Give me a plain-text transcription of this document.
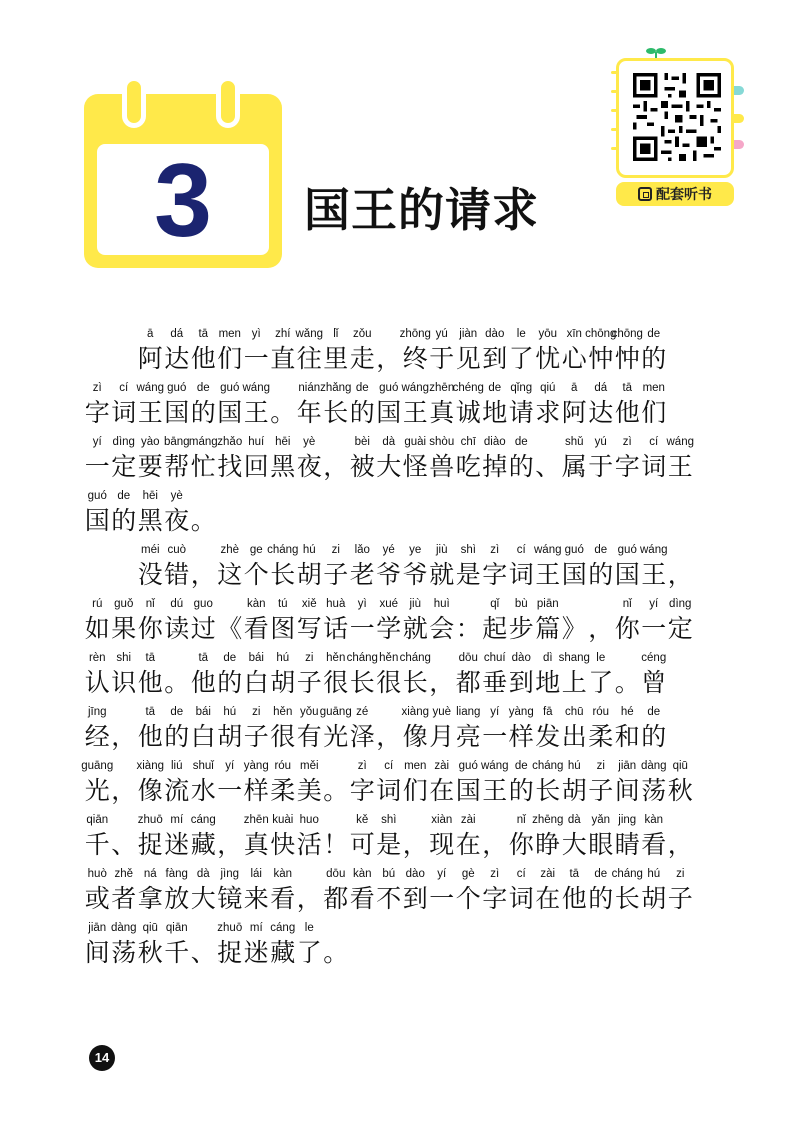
3	国王的请求	配套听书
ā
阿
dá
达
tā
他
men
们
yì
一
zhí
直
wǎng
往
lǐ
里
zǒu
走 ，
zhōng
终
yú
于
jiàn
见
dào
到
le
了
yōu
忧
xīn
心
chōng
忡
chōng
忡
de
的
zì
字
cí
词
wáng
王
guó
国
de
的
guó
国
wáng
王 。
nián
年
zhǎng
长
de
的
guó
国
wáng
王
zhēn
真
chéng
诚
de
地
qǐng
请
qiú
求
ā
阿
dá
达
tā
他
men
们
yí
一
dìng
定
yào
要
bāng
帮
máng
忙
zhǎo
找
huí
回
hēi
黑
yè
夜 ，
bèi
被
dà
大
guài
怪
shòu
兽
chī
吃
diào
掉
de
的 、
shǔ
属
yú
于
zì
字
cí
词
wáng
王
guó
国
de
的
hēi
黑
yè
夜 。
méi
没
cuò
错 ，
zhè
这
ge
个
cháng
长
hú
胡
zi
子
lǎo
老
yé
爷
ye
爷
jiù
就
shì
是
zì
字
cí
词
wáng
王
guó
国
de
的
guó
国
wáng
王 ，
rú
如
guǒ
果
nǐ
你
dú
读
guo
过 《
kàn
看
tú
图
xiě
写
huà
话
yì
一
xué
学
jiù
就
huì
会 ：
qǐ
起
bù
步
piān
篇 》 ，
nǐ
你
yí
一
dìng
定
rèn
认
shi
识
tā
他 。
tā
他
de
的
bái
白
hú
胡
zi
子
hěn
很
cháng
长
hěn
很
cháng
长 ，
dōu
都
chuí
垂
dào
到
dì
地
shang
上
le
了 。
céng
曾
jīng
经 ，
tā
他
de
的
bái
白
hú
胡
zi
子
hěn
很
yǒu
有
guāng
光
zé
泽 ，
xiàng
像
yuè
月
liang
亮
yí
一
yàng
样
fā
发
chū
出
róu
柔
hé
和
de
的
guāng
光 ，
xiàng
像
liú
流
shuǐ
水
yí
一
yàng
样
róu
柔
měi
美 。
zì
字
cí
词
men
们
zài
在
guó
国
wáng
王
de
的
cháng
长
hú
胡
zi
子
jiān
间
dàng
荡
qiū
秋
qiān
千 、
zhuō
捉
mí
迷
cáng
藏 ，
zhēn
真
kuài
快
huo
活 ！
kě
可
shì
是 ，
xiàn
现
zài
在 ，
nǐ
你
zhēng
睁
dà
大
yǎn
眼
jing
睛
kàn
看 ，
huò
或
zhě
者
ná
拿
fàng
放
dà
大
jìng
镜
lái
来
kàn
看 ，
dōu
都
kàn
看
bú
不
dào
到
yí
一
gè
个
zì
字
cí
词
zài
在
tā
他
de
的
cháng
长
hú
胡
zi
子
jiān
间
dàng
荡
qiū
秋
qiān
千 、
zhuō
捉
mí
迷
cáng
藏
le
了 。
14
